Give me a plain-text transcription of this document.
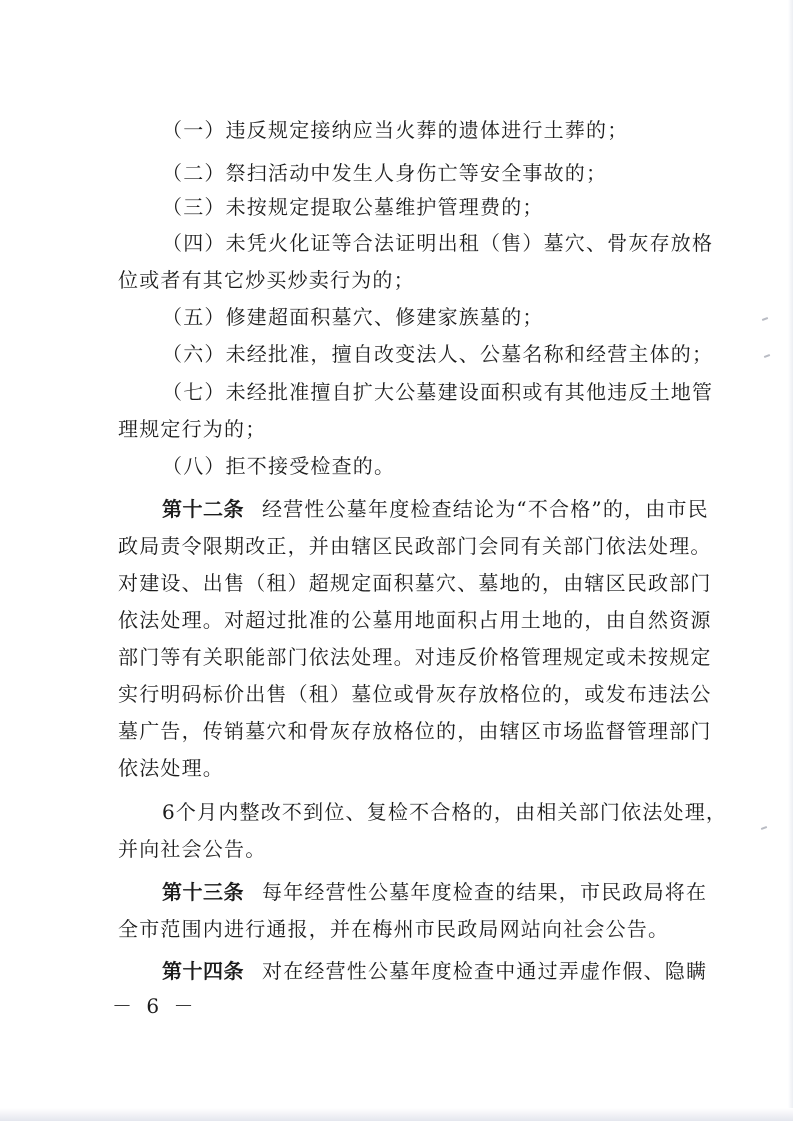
（一）违反规定接纳应当火葬的遗体进行土葬的；

（二）祭扫活动中发生人身伤亡等安全事故的；

（三）未按规定提取公墓维护管理费的；

（四）未凭火化证等合法证明出租（售）墓穴、骨灰存放格

位或者有其它炒买炒卖行为的；

（五）修建超面积墓穴、修建家族墓的；

（六）未经批准，擅自改变法人、公墓名称和经营主体的；

（七）未经批准擅自扩大公墓建设面积或有其他违反土地管

理规定行为的；

（八）拒不接受检查的。

第十二条 经营性公墓年度检查结论为“不合格”的，由市民

政局责令限期改正，并由辖区民政部门会同有关部门依法处理。

对建设、出售（租）超规定面积墓穴、墓地的，由辖区民政部门

依法处理。对超过批准的公墓用地面积占用土地的，由自然资源

部门等有关职能部门依法处理。对违反价格管理规定或未按规定

实行明码标价出售（租）墓位或骨灰存放格位的，或发布违法公

墓广告，传销墓穴和骨灰存放格位的，由辖区市场监督管理部门

依法处理。

6个月内整改不到位、复检不合格的，由相关部门依法处理，

并向社会公告。

第十三条 每年经营性公墓年度检查的结果，市民政局将在

全市范围内进行通报，并在梅州市民政局网站向社会公告。

第十四条 对在经营性公墓年度检查中通过弄虚作假、隐瞒

－ 6 －
